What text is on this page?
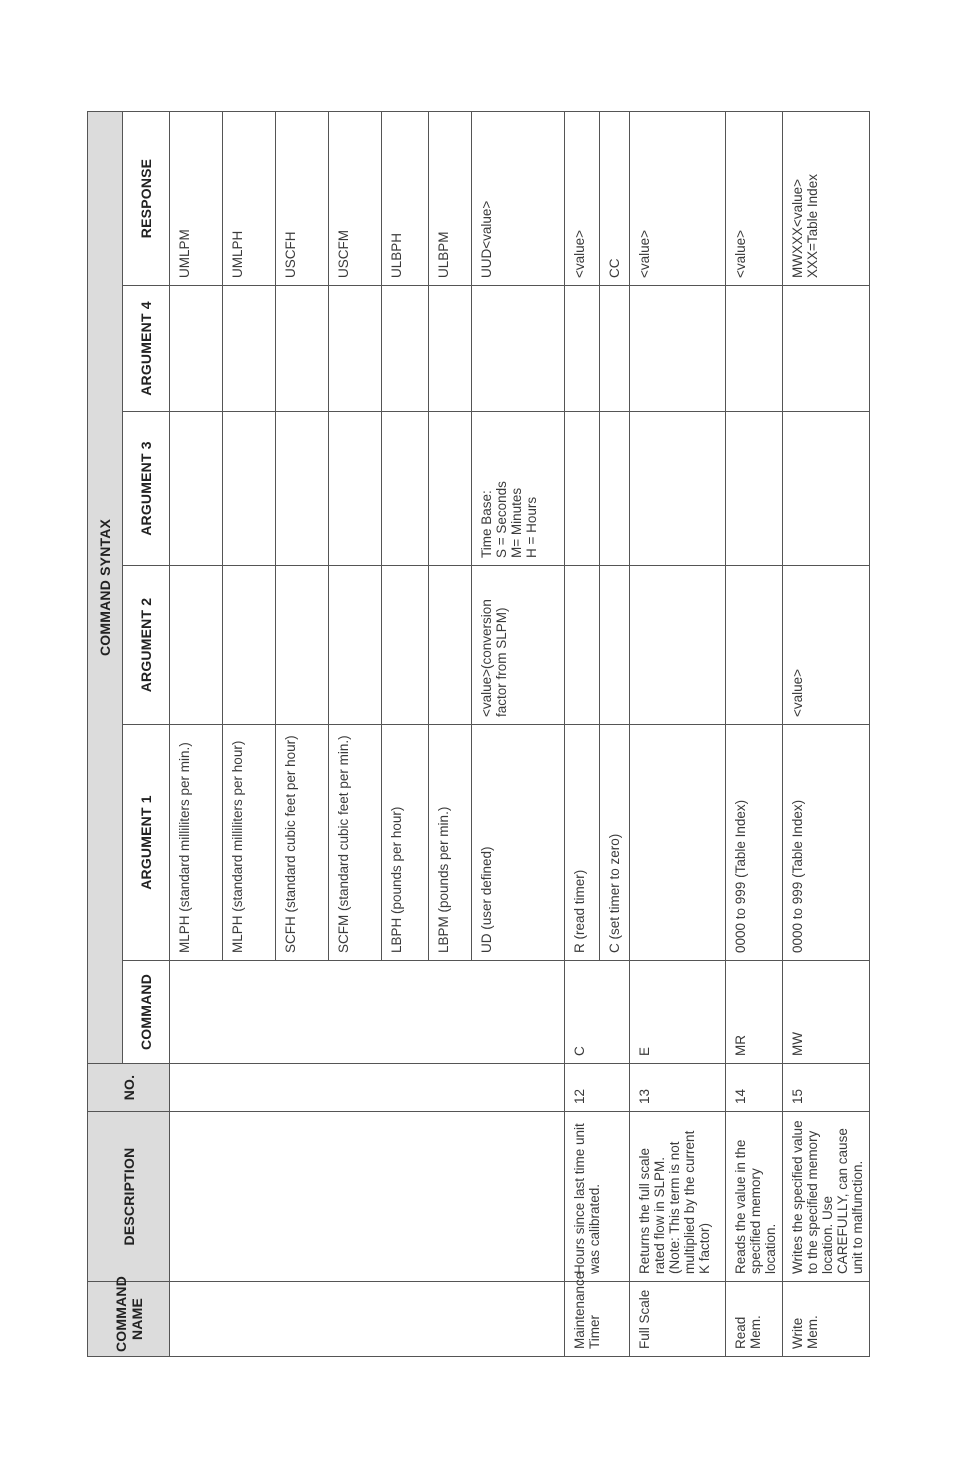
COMMAND NAME	DESCRIPTION	NO.	COMMAND SYNTAX					
			COMMAND	ARGUMENT 1	ARGUMENT 2	ARGUMENT 3	ARGUMENT 4	RESPONSE
				MLPH (standard milliliters per min.)				UMLPM
				MLPH (standard milliliters per hour)				UMLPH
				SCFH (standard cubic feet per hour)				USCFH
				SCFM (standard cubic feet per min.)				USCFM
				LBPH (pounds per hour)				ULBPH
				LBPM (pounds per min.)				ULBPM
				UD (user defined)	<value>(conversion factor from SLPM)	Time Base: S = Seconds M= Minutes H = Hours		UUD<value>
Maintenance Timer	Hours since last time unit was calibrated.	12	C	R (read timer)				<value>
				C (set timer to zero)				CC
Full Scale	Returns the full scale rated flow in SLPM. (Note: This term is not multiplied by the current K factor)	13	E					<value>
Read Mem.	Reads the value in the specified memory location.	14	MR	0000 to 999 (Table Index)				<value>
Write Mem.	Writes the specified value to the specified memory location. Use CAREFULLY, can cause unit to malfunction.	15	MW	0000 to 999 (Table Index)	<value>			MWXXX<value> XXX=Table Index
